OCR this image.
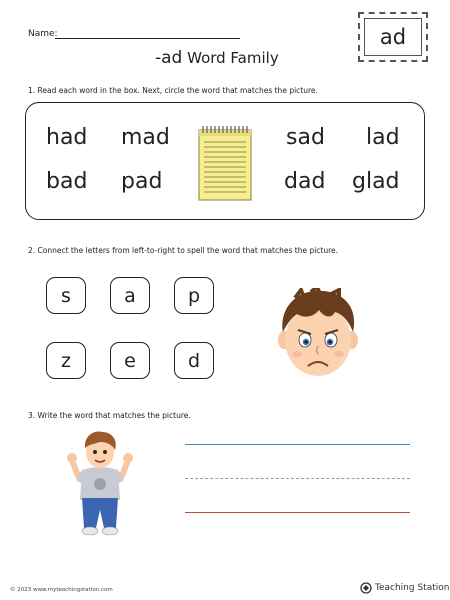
Name:
-ad Word Family
ad
1. Read each word in the box. Next, circle the word that matches the picture.
had mad	sad lad
bad pad	dad glad
2. Connect the letters from left-to-right to spell the word that matches the picture.
s	a	p
z	e	d
3. Write the word that matches the picture.
© 2023 www.myteachingstation.com	Teaching Station
